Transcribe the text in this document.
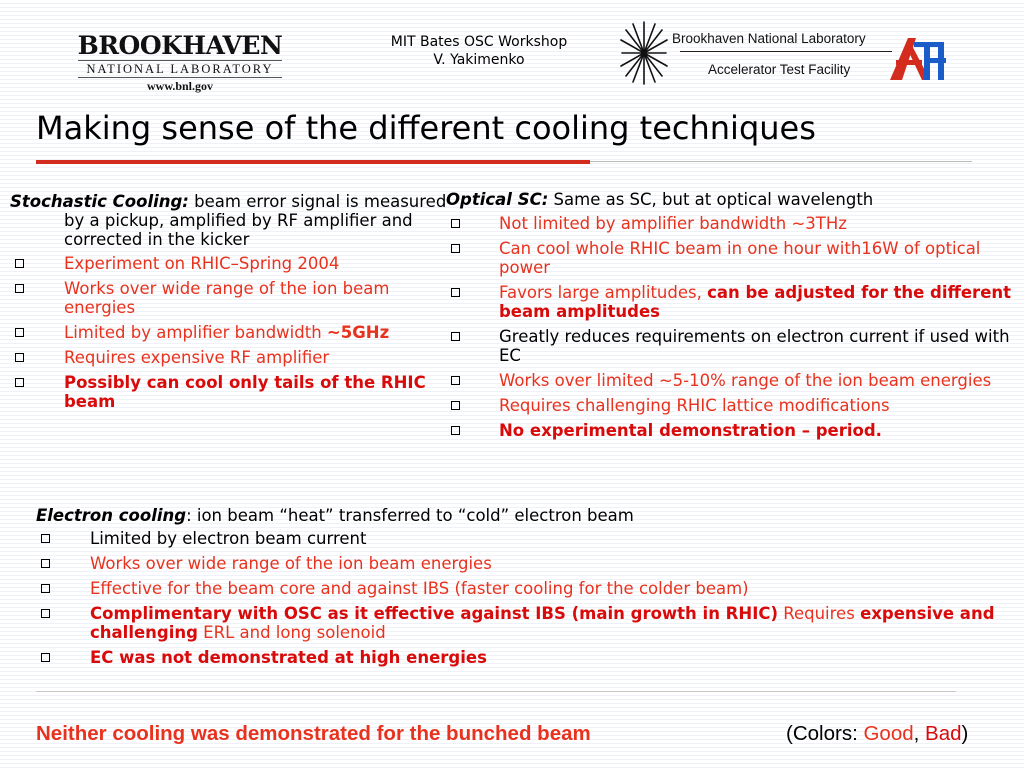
BROOKHAVEN
NATIONAL LABORATORY
www.bnl.gov
MIT Bates OSC Workshop
V. Yakimenko
Brookhaven National Laboratory
Accelerator Test Facility
Making sense of the different cooling techniques
Stochastic Cooling: beam error signal is measured by a pickup, amplified by RF amplifier and corrected in the kicker
Experiment on RHIC–Spring 2004
Works over wide range of the ion beam energies
Limited by amplifier bandwidth ~5GHz
Requires expensive RF amplifier
Possibly can cool only tails of the RHIC beam
Optical SC: Same as SC, but at optical wavelength
Not limited by amplifier bandwidth ~3THz
Can cool whole RHIC beam in one hour with16W of optical power
Favors large amplitudes, can be adjusted for the different beam amplitudes
Greatly reduces requirements on electron current if used with EC
Works over limited ~5-10% range of the ion beam energies
Requires challenging RHIC lattice modifications
No experimental demonstration – period.
Electron cooling: ion beam “heat” transferred to “cold” electron beam
Limited by electron beam current
Works over wide range of the ion beam energies
Effective for the beam core and against IBS (faster cooling for the colder beam)
Complimentary with OSC as it effective against IBS (main growth in RHIC) Requires expensive and challenging ERL and long solenoid
EC was not demonstrated at high energies
Neither cooling was demonstrated for the bunched beam	(Colors: Good, Bad)
